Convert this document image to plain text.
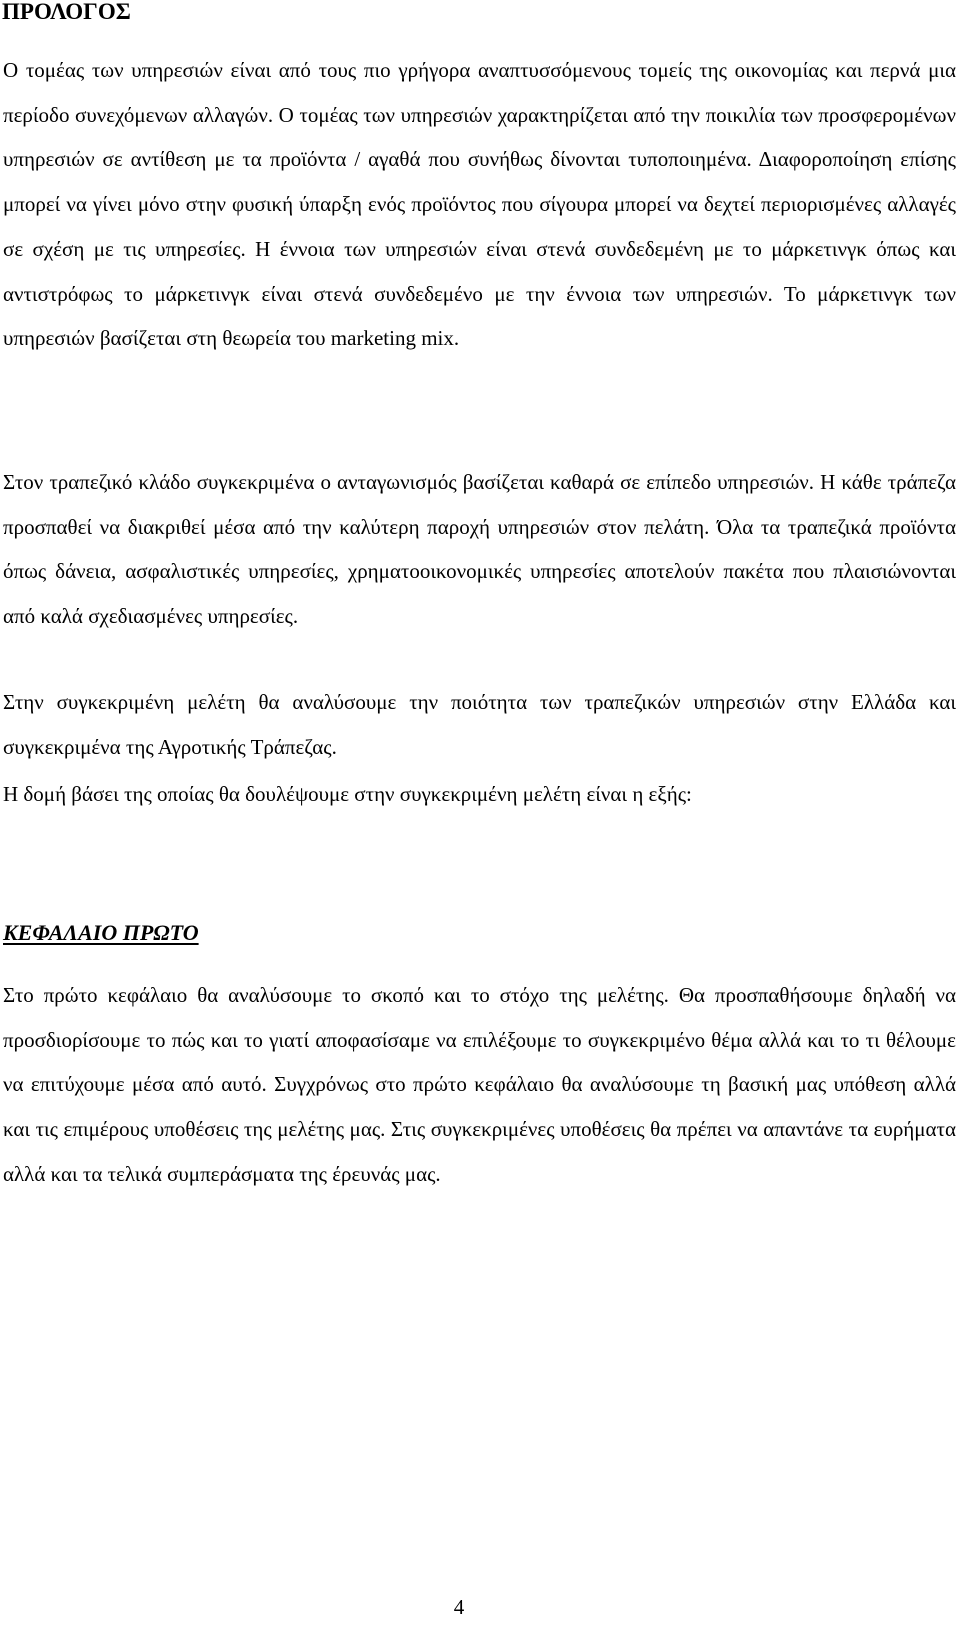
ΠΡΟΛΟΓΟΣ

Ο τομέας των υπηρεσιών είναι από τους πιο γρήγορα αναπτυσσόμενους τομείς της οικονομίας και περνά μια περίοδο συνεχόμενων αλλαγών. Ο τομέας των υπηρεσιών χαρακτηρίζεται από την ποικιλία των προσφερομένων υπηρεσιών σε αντίθεση με τα προϊόντα / αγαθά που συνήθως δίνονται τυποποιημένα. Διαφοροποίηση επίσης μπορεί να γίνει μόνο στην φυσική ύπαρξη ενός προϊόντος που σίγουρα μπορεί να δεχτεί περιορισμένες αλλαγές σε σχέση με τις υπηρεσίες. Η έννοια των υπηρεσιών είναι στενά συνδεδεμένη με το μάρκετινγκ όπως και αντιστρόφως το μάρκετινγκ είναι στενά συνδεδεμένο με την έννοια των υπηρεσιών. Το μάρκετινγκ των υπηρεσιών βασίζεται στη θεωρεία του marketing mix.

Στον τραπεζικό κλάδο συγκεκριμένα ο ανταγωνισμός βασίζεται καθαρά σε επίπεδο υπηρεσιών. Η κάθε τράπεζα προσπαθεί να διακριθεί μέσα από την καλύτερη παροχή υπηρεσιών στον πελάτη. Όλα τα τραπεζικά προϊόντα όπως δάνεια, ασφαλιστικές υπηρεσίες, χρηματοοικονομικές υπηρεσίες αποτελούν πακέτα που πλαισιώνονται από καλά σχεδιασμένες υπηρεσίες.

Στην συγκεκριμένη μελέτη θα αναλύσουμε την ποιότητα των τραπεζικών υπηρεσιών στην Ελλάδα και συγκεκριμένα της Αγροτικής Τράπεζας.

Η δομή βάσει της οποίας θα δουλέψουμε στην συγκεκριμένη μελέτη είναι η εξής:

ΚΕΦΑΛΑΙΟ ΠΡΩΤΟ

Στο πρώτο κεφάλαιο θα αναλύσουμε το σκοπό και το στόχο της μελέτης. Θα προσπαθήσουμε δηλαδή να προσδιορίσουμε το πώς και το γιατί αποφασίσαμε να επιλέξουμε το συγκεκριμένο θέμα αλλά και το τι θέλουμε να επιτύχουμε μέσα από αυτό. Συγχρόνως στο πρώτο κεφάλαιο θα αναλύσουμε τη βασική μας υπόθεση αλλά και τις επιμέρους υποθέσεις της μελέτης μας. Στις συγκεκριμένες υποθέσεις θα πρέπει να απαντάνε τα ευρήματα αλλά και τα τελικά συμπεράσματα της έρευνάς μας.

4
